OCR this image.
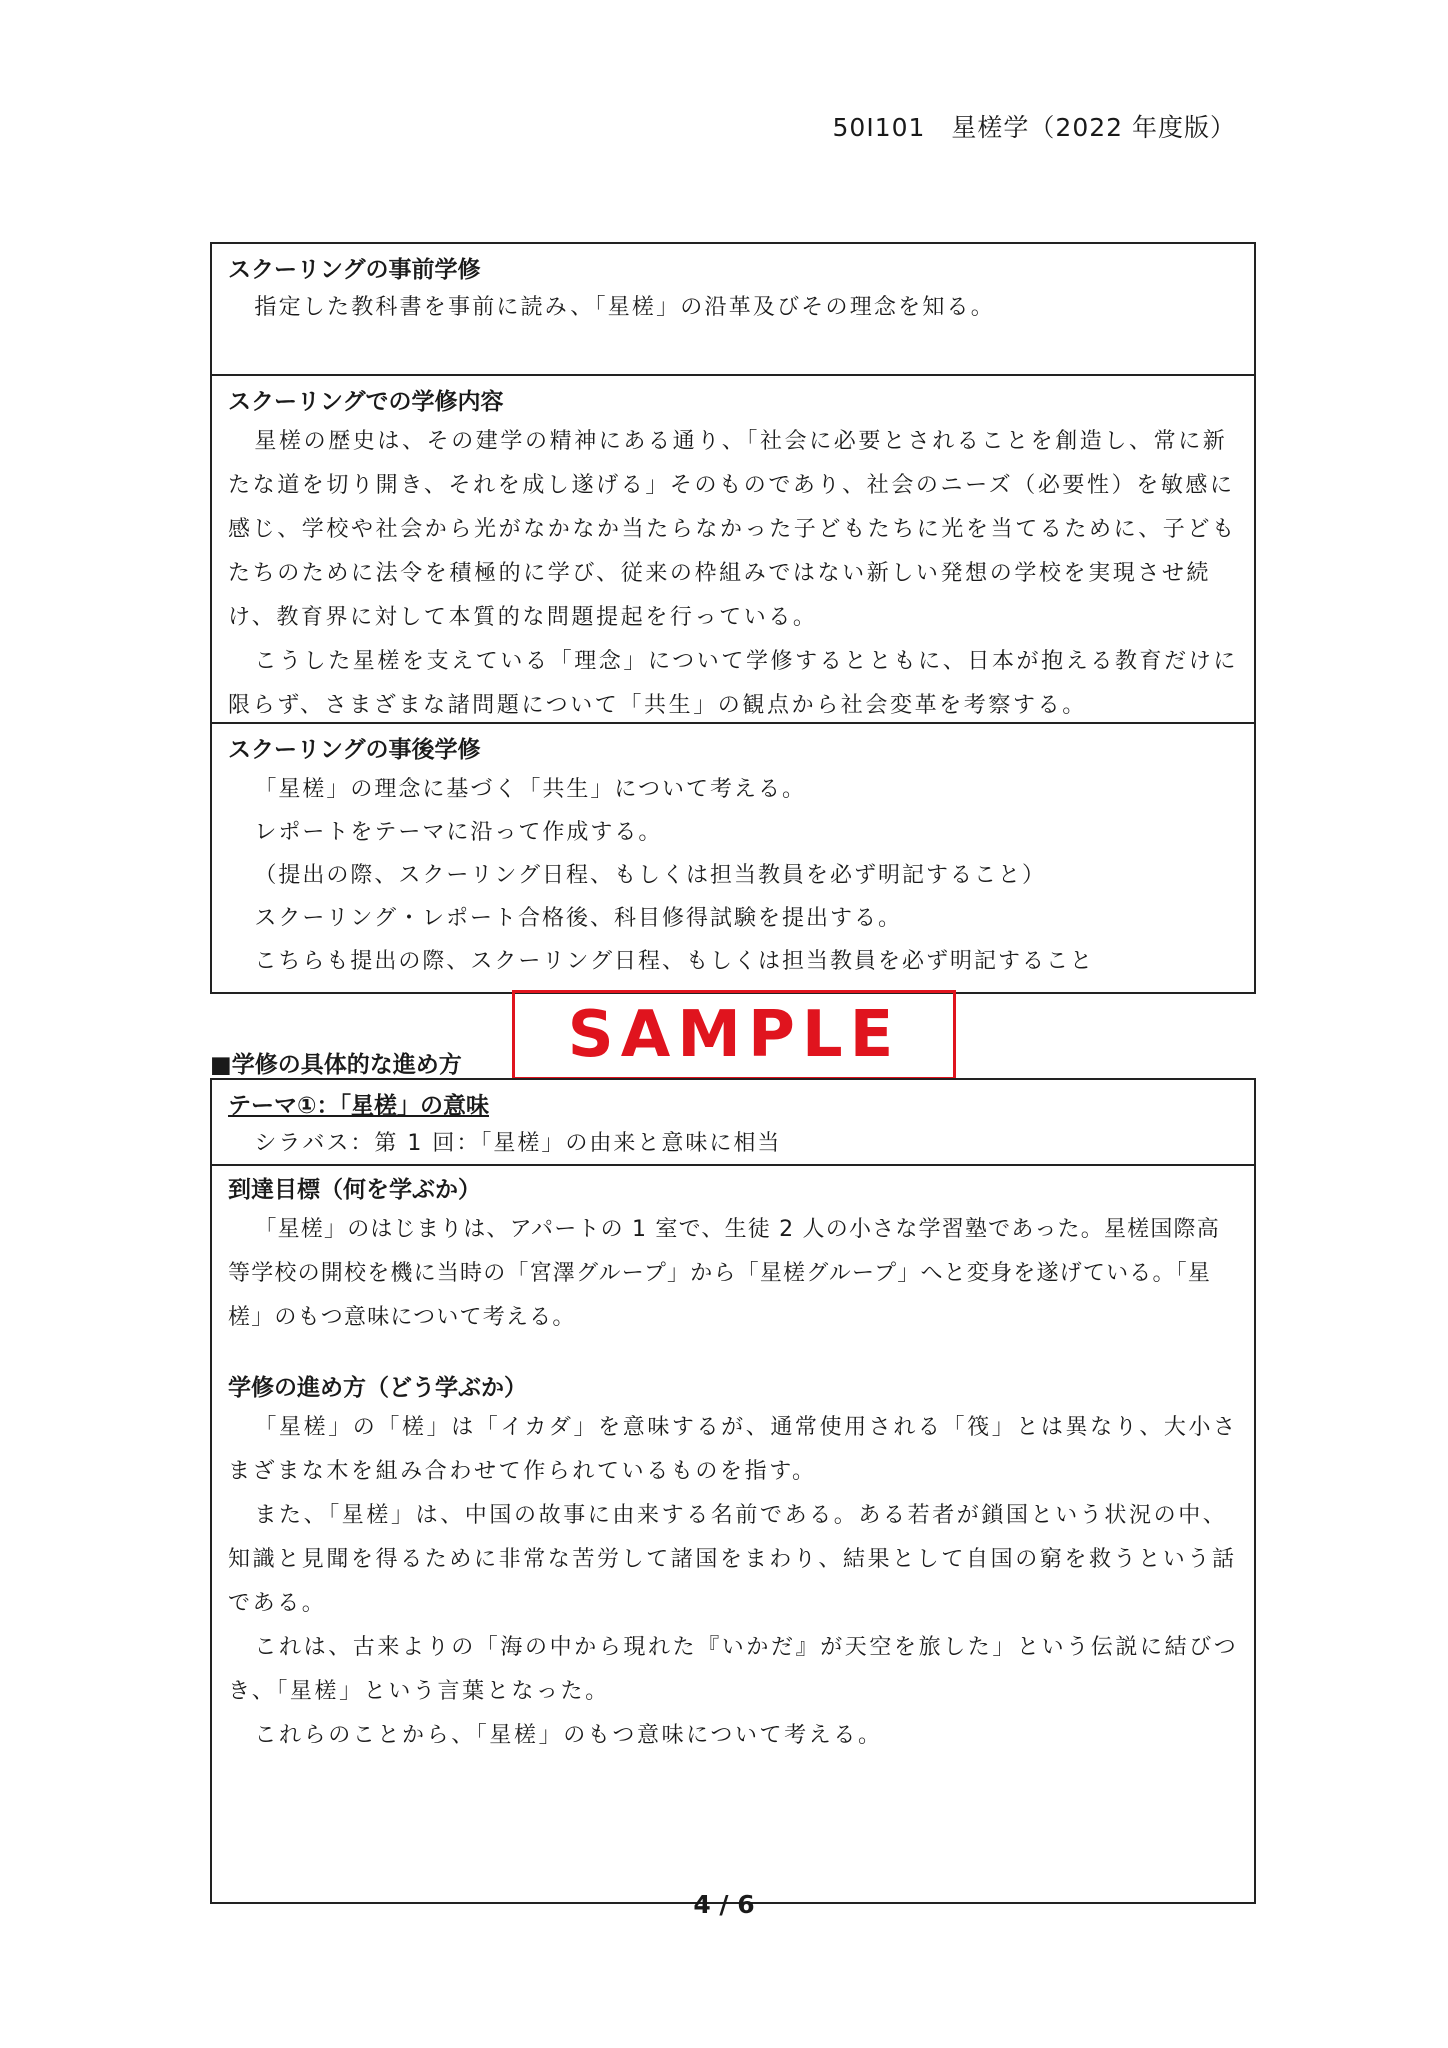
50I101　星槎学（2022 年度版）

スクーリングの事前学修

指定した教科書を事前に読み、「星槎」の沿革及びその理念を知る。

スクーリングでの学修内容

星槎の歴史は、その建学の精神にある通り、「社会に必要とされることを創造し、常に新たな道を切り開き、それを成し遂げる」そのものであり、社会のニーズ（必要性）を敏感に感じ、学校や社会から光がなかなか当たらなかった子どもたちに光を当てるために、子どもたちのために法令を積極的に学び、従来の枠組みではない新しい発想の学校を実現させ続け、教育界に対して本質的な問題提起を行っている。

こうした星槎を支えている「理念」について学修するとともに、日本が抱える教育だけに限らず、さまざまな諸問題について「共生」の観点から社会変革を考察する。

スクーリングの事後学修

「星槎」の理念に基づく「共生」について考える。

レポートをテーマに沿って作成する。

（提出の際、スクーリング日程、もしくは担当教員を必ず明記すること）

スクーリング・レポート合格後、科目修得試験を提出する。

こちらも提出の際、スクーリング日程、もしくは担当教員を必ず明記すること

■学修の具体的な進め方	SAMPLE

テーマ①：「星槎」の意味

シラバス：第 1 回：「星槎」の由来と意味に相当

到達目標（何を学ぶか）

「星槎」のはじまりは、アパートの 1 室で、生徒 2 人の小さな学習塾であった。星槎国際高等学校の開校を機に当時の「宮澤グループ」から「星槎グループ」へと変身を遂げている。「星槎」のもつ意味について考える。

学修の進め方（どう学ぶか）

「星槎」の「槎」は「イカダ」を意味するが、通常使用される「筏」とは異なり、大小さまざまな木を組み合わせて作られているものを指す。

また、「星槎」は、中国の故事に由来する名前である。ある若者が鎖国という状況の中、知識と見聞を得るために非常な苦労して諸国をまわり、結果として自国の窮を救うという話である。

これは、古来よりの「海の中から現れた『いかだ』が天空を旅した」という伝説に結びつき、「星槎」という言葉となった。

これらのことから、「星槎」のもつ意味について考える。

4 / 6
